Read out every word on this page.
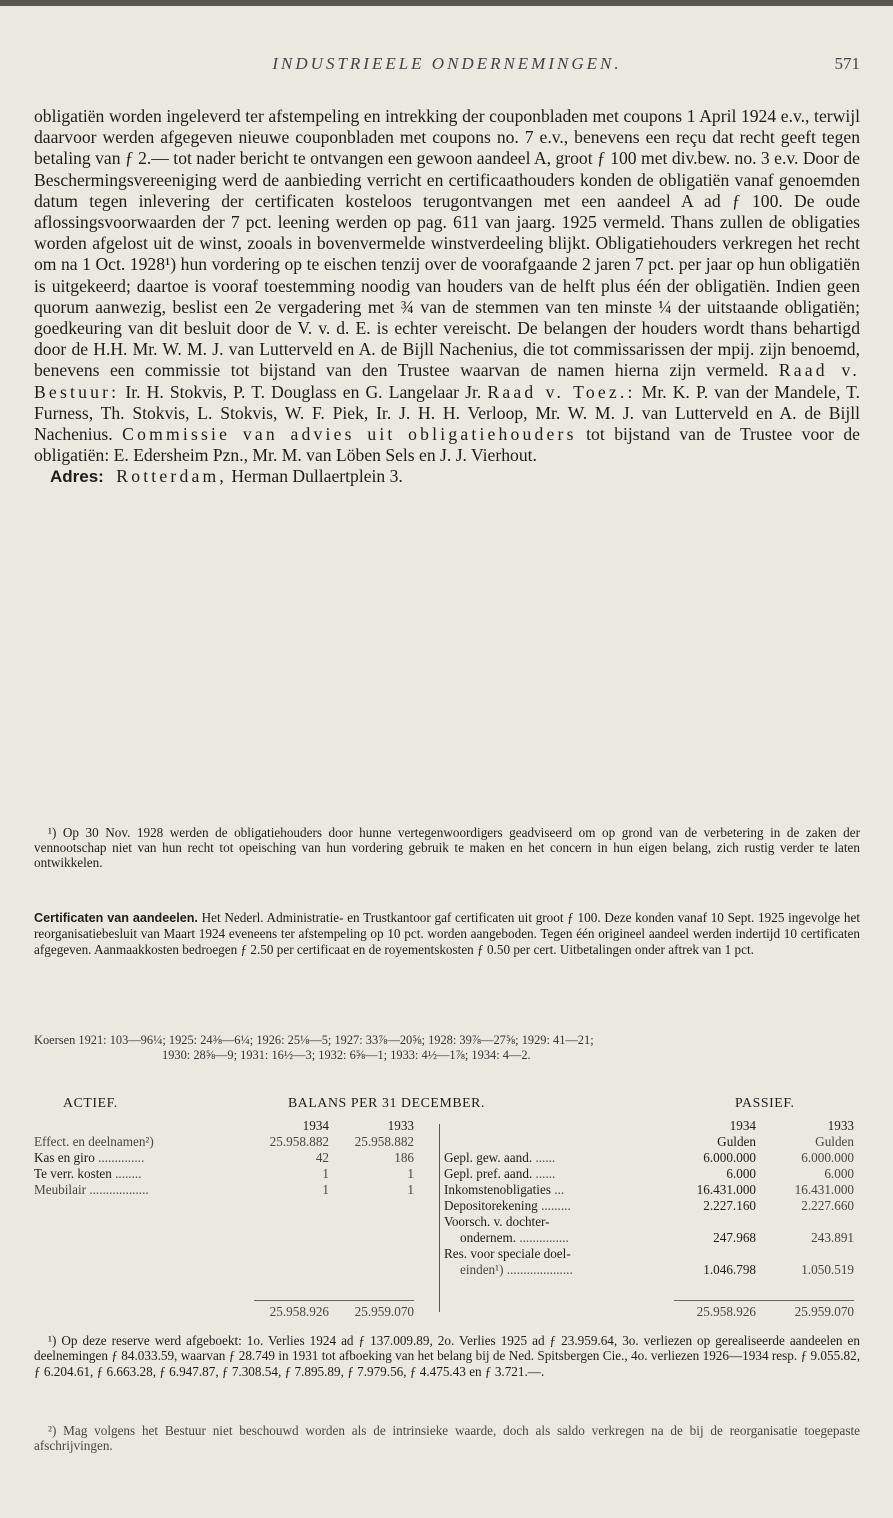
INDUSTRIEELE ONDERNEMINGEN.	571

obligatiën worden ingeleverd ter afstempeling en intrekking der couponbladen met coupons 1 April 1924 e.v., terwijl daarvoor werden afgegeven nieuwe couponbladen met coupons no. 7 e.v., benevens een reçu dat recht geeft tegen betaling van ƒ 2.— tot nader bericht te ontvangen een gewoon aandeel A, groot ƒ 100 met div.bew. no. 3 e.v. Door de Beschermingsvereeniging werd de aanbieding verricht en certificaathouders konden de obligatiën vanaf genoemden datum tegen inlevering der certificaten kosteloos terugontvangen met een aandeel A ad ƒ 100. De oude aflossingsvoorwaarden der 7 pct. leening werden op pag. 611 van jaarg. 1925 vermeld. Thans zullen de obligaties worden afgelost uit de winst, zooals in bovenvermelde winstverdeeling blijkt. Obligatiehouders verkregen het recht om na 1 Oct. 1928¹) hun vordering op te eischen tenzij over de voorafgaande 2 jaren 7 pct. per jaar op hun obligatiën is uitgekeerd; daartoe is vooraf toestemming noodig van houders van de helft plus één der obligatiën. Indien geen quorum aanwezig, beslist een 2e vergadering met ¾ van de stemmen van ten minste ¼ der uitstaande obligatiën; goedkeuring van dit besluit door de V. v. d. E. is echter vereischt. De belangen der houders wordt thans behartigd door de H.H. Mr. W. M. J. van Lutterveld en A. de Bijll Nachenius, die tot commissarissen der mpij. zijn benoemd, benevens een commissie tot bijstand van den Trustee waarvan de namen hierna zijn vermeld. Raad v. Bestuur: Ir. H. Stokvis, P. T. Douglass en G. Langelaar Jr. Raad v. Toez.: Mr. K. P. van der Mandele, T. Furness, Th. Stokvis, L. Stokvis, W. F. Piek, Ir. J. H. H. Verloop, Mr. W. M. J. van Lutterveld en A. de Bijll Nachenius. Commissie van advies uit obligatiehouders tot bijstand van de Trustee voor de obligatiën: E. Edersheim Pzn., Mr. M. van Löben Sels en J. J. Vierhout.

Adres: Rotterdam, Herman Dullaertplein 3.

¹) Op 30 Nov. 1928 werden de obligatiehouders door hunne vertegenwoordigers geadviseerd om op grond van de verbetering in de zaken der vennootschap niet van hun recht tot opeisching van hun vordering gebruik te maken en het concern in hun eigen belang, zich rustig verder te laten ontwikkelen.

Certificaten van aandeelen. Het Nederl. Administratie- en Trustkantoor gaf certificaten uit groot ƒ 100. Deze konden vanaf 10 Sept. 1925 ingevolge het reorganisatiebesluit van Maart 1924 eveneens ter afstempeling op 10 pct. worden aangeboden. Tegen één origineel aandeel werden indertijd 10 certificaten afgegeven. Aanmaakkosten bedroegen ƒ 2.50 per certificaat en de royementskosten ƒ 0.50 per cert. Uitbetalingen onder aftrek van 1 pct.

Koersen 1921: 103—96¼; 1925: 24⅜—6¼; 1926: 25⅛—5; 1927: 33⅞—20⅝; 1928: 39⅞—27⅝; 1929: 41—21;

1930: 28⅝—9; 1931: 16½—3; 1932: 6⅝—1; 1933: 4½—1⅞; 1934: 4—2.

ACTIEF.	BALANS PER 31 DECEMBER.	PASSIEF.
1934	1933	1934	1933
Gulden	Gulden
Effect. en deelnamen²)	25.958.882	25.958.882
Kas en giro ..............	42	186
Te verr. kosten ........	1	1
Meubilair ..................	1	1
Gepl. gew. aand. ......	6.000.000	6.000.000
Gepl. pref. aand. ......	6.000	6.000
Inkomstenobligaties ...	16.431.000	16.431.000
Depositorekening .........	2.227.160	2.227.660
Voorsch. v. dochter-
ondernem. ...............	247.968	243.891
Res. voor speciale doel-
einden¹) ....................	1.046.798	1.050.519
25.958.926	25.959.070	25.958.926	25.959.070

¹) Op deze reserve werd afgeboekt: 1o. Verlies 1924 ad ƒ 137.009.89, 2o. Verlies 1925 ad ƒ 23.959.64, 3o. verliezen op gerealiseerde aandeelen en deelnemingen ƒ 84.033.59, waarvan ƒ 28.749 in 1931 tot afboeking van het belang bij de Ned. Spitsbergen Cie., 4o. verliezen 1926—1934 resp. ƒ 9.055.82, ƒ 6.204.61, ƒ 6.663.28, ƒ 6.947.87, ƒ 7.308.54, ƒ 7.895.89, ƒ 7.979.56, ƒ 4.475.43 en ƒ 3.721.—.

²) Mag volgens het Bestuur niet beschouwd worden als de intrinsieke waarde, doch als saldo verkregen na de bij de reorganisatie toegepaste afschrijvingen.
